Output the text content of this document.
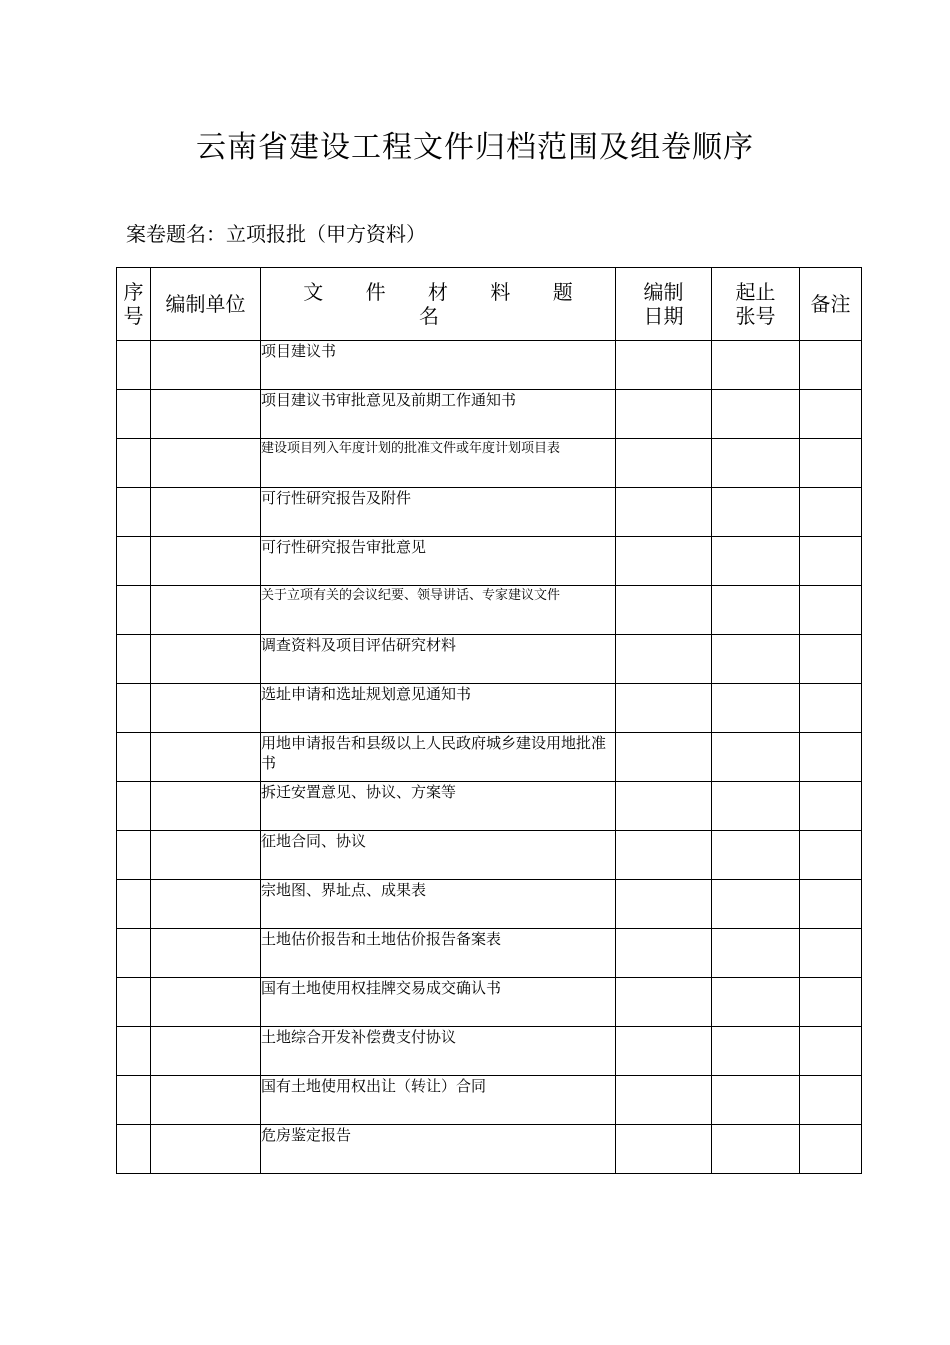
云南省建设工程文件归档范围及组卷顺序
案卷题名：立项报批（甲方资料）
序号	编制单位	文 件 材 料 题 名	编制日期	起止张号	备注
		项目建议书			
		项目建议书审批意见及前期工作通知书			
		建设项目列入年度计划的批准文件或年度计划项目表			
		可行性研究报告及附件			
		可行性研究报告审批意见			
		关于立项有关的会议纪要、领导讲话、专家建议文件			
		调查资料及项目评估研究材料			
		选址申请和选址规划意见通知书			
		用地申请报告和县级以上人民政府城乡建设用地批准书			
		拆迁安置意见、协议、方案等			
		征地合同、协议			
		宗地图、界址点、成果表			
		土地估价报告和土地估价报告备案表			
		国有土地使用权挂牌交易成交确认书			
		土地综合开发补偿费支付协议			
		国有土地使用权出让（转让）合同			
		危房鉴定报告			
